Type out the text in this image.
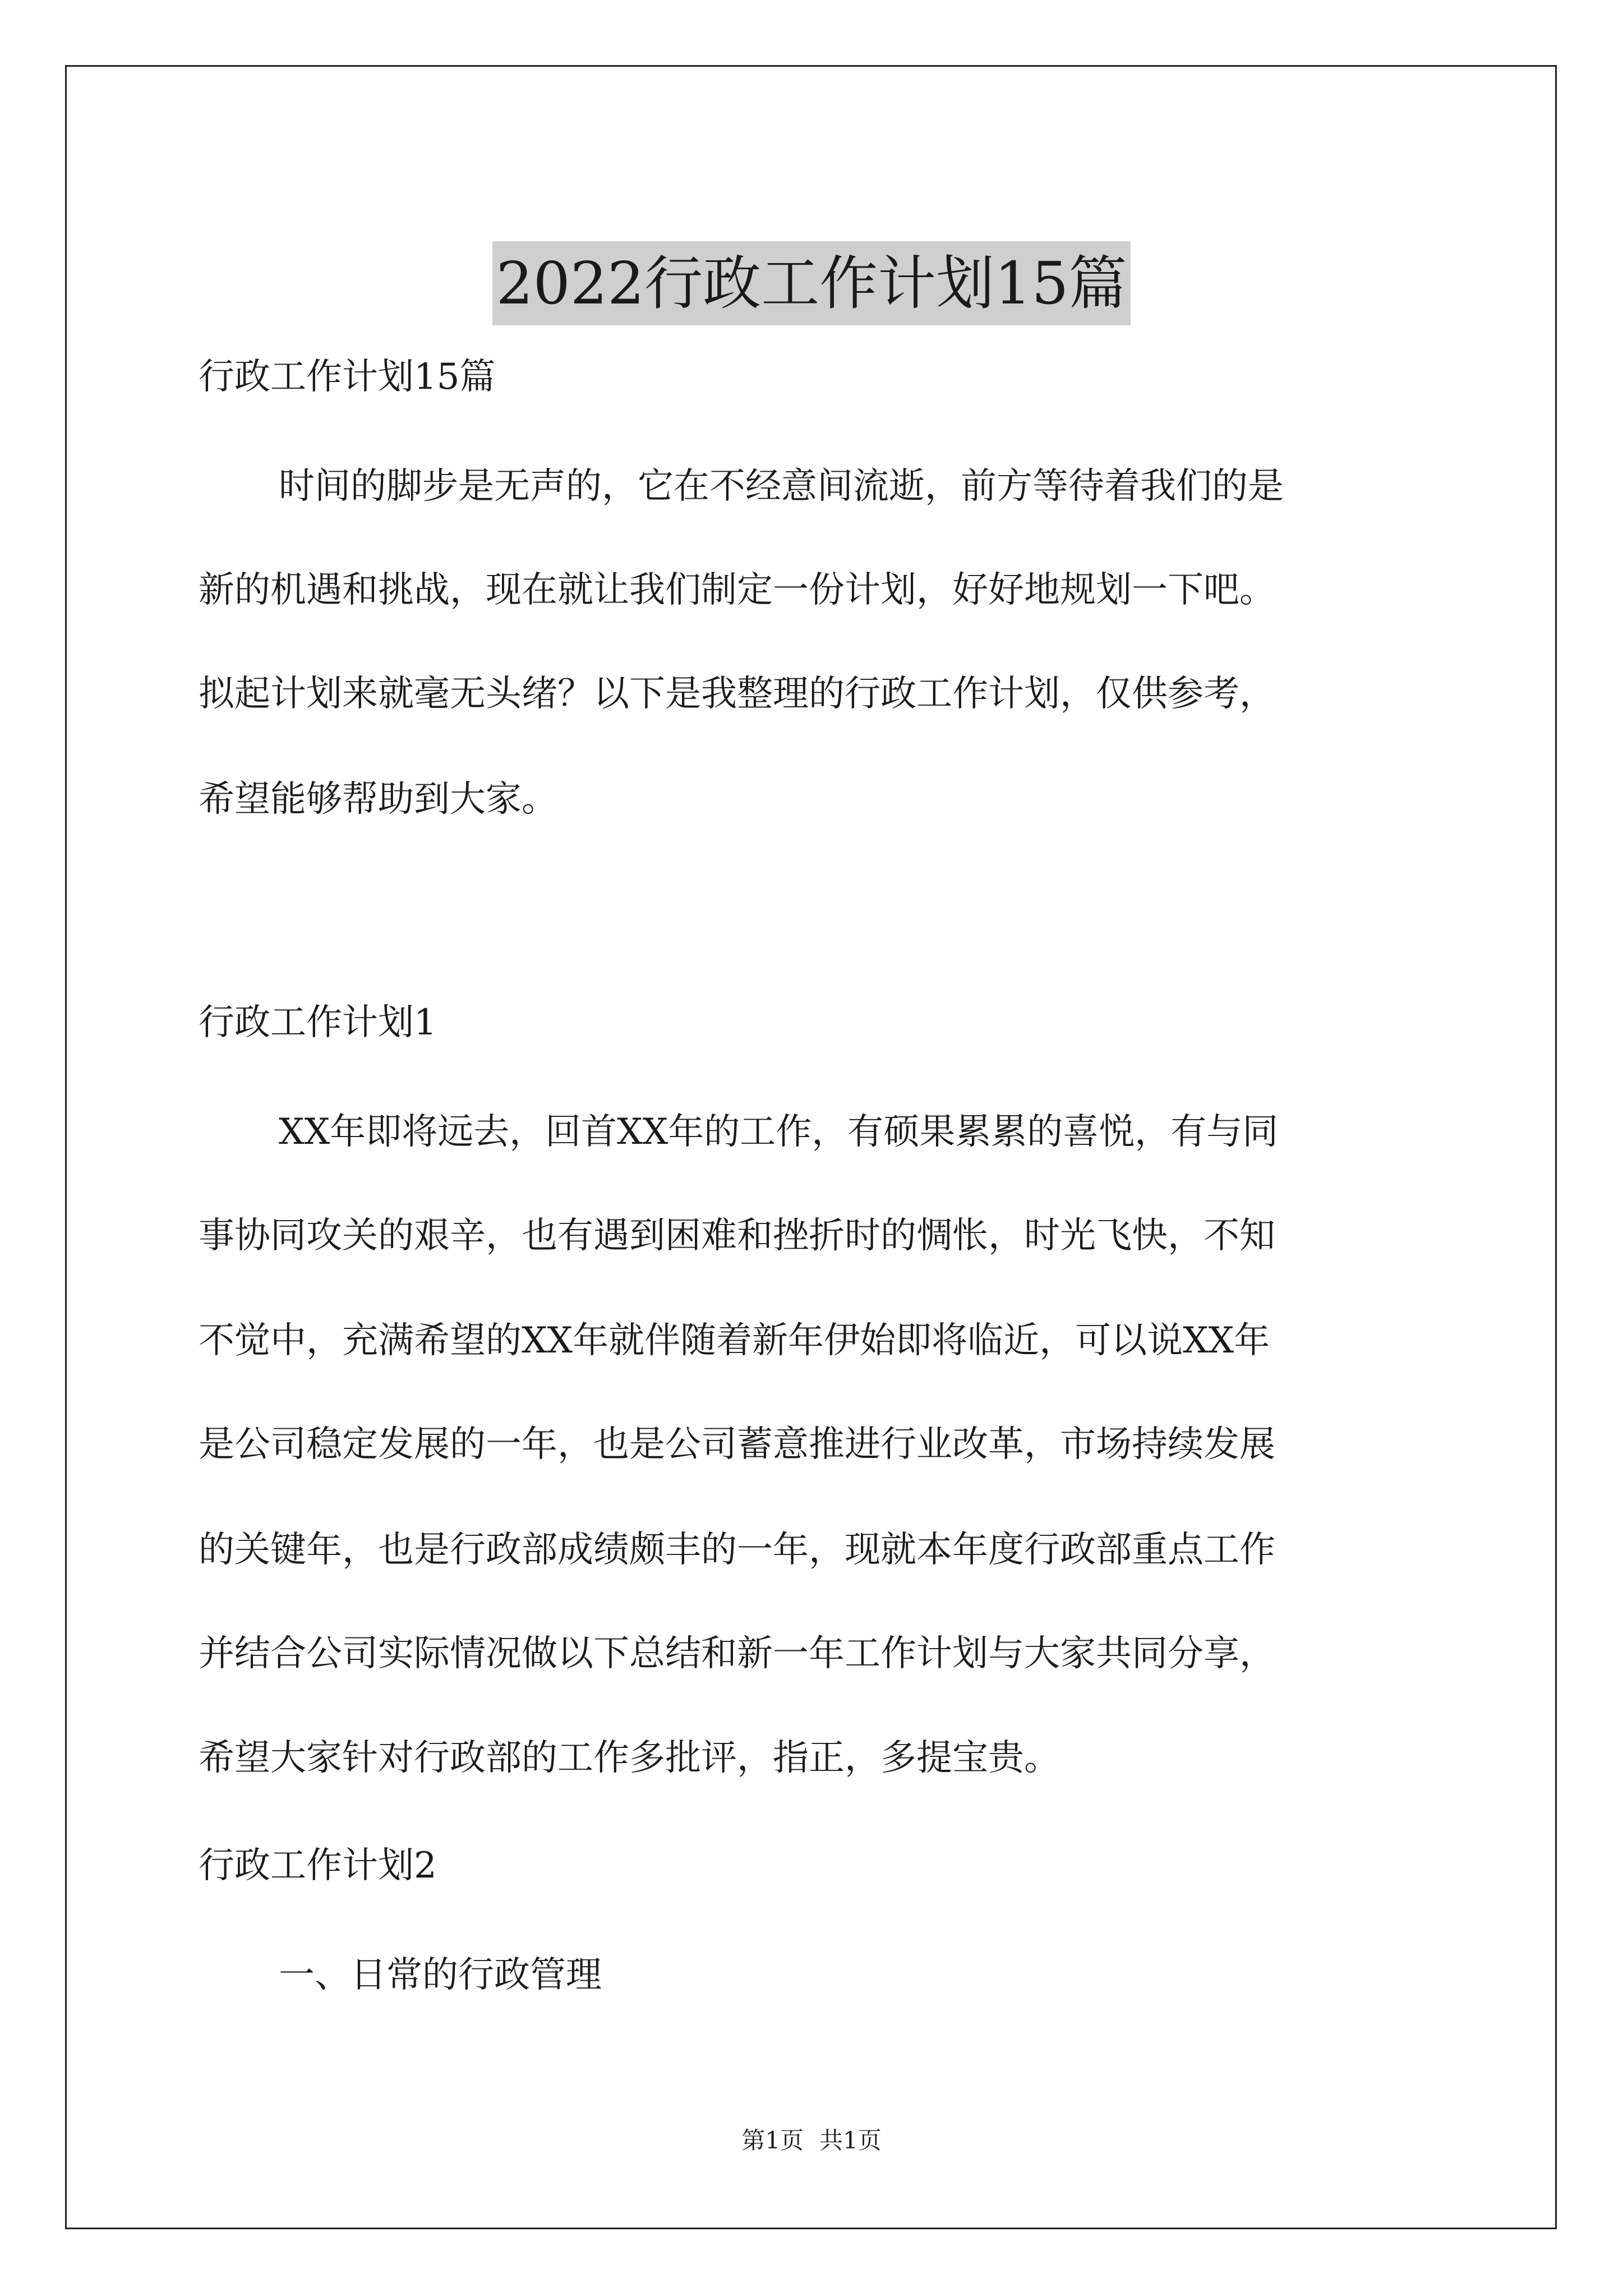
2022行政工作计划15篇
行政工作计划15篇
时间的脚步是无声的，它在不经意间流逝，前方等待着我们的是
新的机遇和挑战，现在就让我们制定一份计划，好好地规划一下吧。
拟起计划来就毫无头绪？以下是我整理的行政工作计划，仅供参考，
希望能够帮助到大家。
行政工作计划1
XX年即将远去，回首XX年的工作，有硕果累累的喜悦，有与同
事协同攻关的艰辛，也有遇到困难和挫折时的惆怅，时光飞快，不知
不觉中，充满希望的XX年就伴随着新年伊始即将临近，可以说XX年
是公司稳定发展的一年，也是公司蓄意推进行业改革，市场持续发展
的关键年，也是行政部成绩颇丰的一年，现就本年度行政部重点工作
并结合公司实际情况做以下总结和新一年工作计划与大家共同分享，
希望大家针对行政部的工作多批评，指正，多提宝贵。
行政工作计划2
一、日常的行政管理
第1页 共1页
